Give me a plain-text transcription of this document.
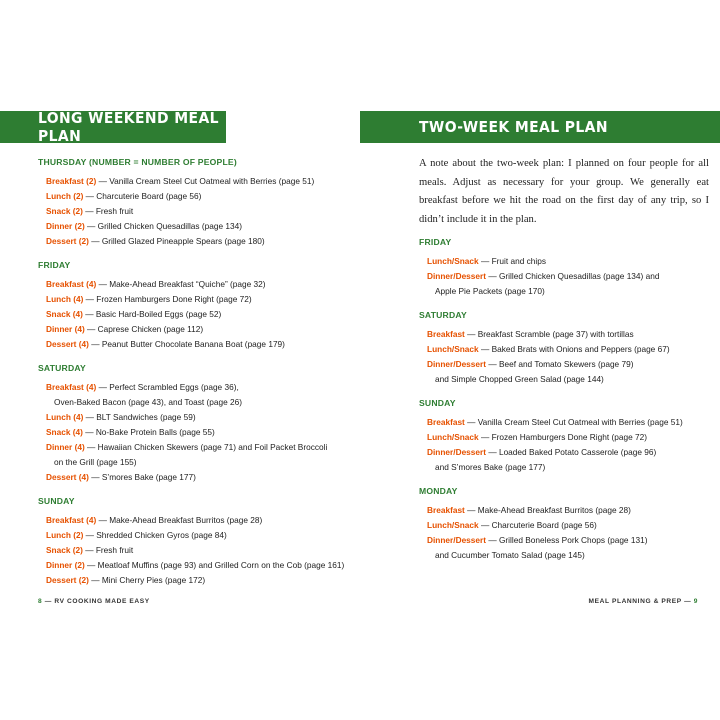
LONG WEEKEND MEAL PLAN
THURSDAY (NUMBER = NUMBER OF PEOPLE)
Breakfast (2) — Vanilla Cream Steel Cut Oatmeal with Berries (page 51)
Lunch (2) — Charcuterie Board (page 56)
Snack (2) — Fresh fruit
Dinner (2) — Grilled Chicken Quesadillas (page 134)
Dessert (2) — Grilled Glazed Pineapple Spears (page 180)
FRIDAY
Breakfast (4) — Make-Ahead Breakfast “Quiche” (page 32)
Lunch (4) — Frozen Hamburgers Done Right (page 72)
Snack (4) — Basic Hard-Boiled Eggs (page 52)
Dinner (4) — Caprese Chicken (page 112)
Dessert (4) — Peanut Butter Chocolate Banana Boat (page 179)
SATURDAY
Breakfast (4) — Perfect Scrambled Eggs (page 36),
Oven-Baked Bacon (page 43), and Toast (page 26)
Lunch (4) — BLT Sandwiches (page 59)
Snack (4) — No-Bake Protein Balls (page 55)
Dinner (4) — Hawaiian Chicken Skewers (page 71) and Foil Packet Broccoli
on the Grill (page 155)
Dessert (4) — S’mores Bake (page 177)
SUNDAY
Breakfast (4) — Make-Ahead Breakfast Burritos (page 28)
Lunch (2) — Shredded Chicken Gyros (page 84)
Snack (2) — Fresh fruit
Dinner (2) — Meatloaf Muffins (page 93) and Grilled Corn on the Cob (page 161)
Dessert (2) — Mini Cherry Pies (page 172)
8 — RV COOKING MADE EASY
TWO-WEEK MEAL PLAN

A note about the two-week plan: I planned on four people for all meals. Adjust as necessary for your group. We generally eat breakfast before we hit the road on the first day of any trip, so I didn’t include it in the plan.

FRIDAY
Lunch/Snack — Fruit and chips
Dinner/Dessert — Grilled Chicken Quesadillas (page 134) and
Apple Pie Packets (page 170)
SATURDAY
Breakfast — Breakfast Scramble (page 37) with tortillas
Lunch/Snack — Baked Brats with Onions and Peppers (page 67)
Dinner/Dessert — Beef and Tomato Skewers (page 79)
and Simple Chopped Green Salad (page 144)
SUNDAY
Breakfast — Vanilla Cream Steel Cut Oatmeal with Berries (page 51)
Lunch/Snack — Frozen Hamburgers Done Right (page 72)
Dinner/Dessert — Loaded Baked Potato Casserole (page 96)
and S’mores Bake (page 177)
MONDAY
Breakfast — Make-Ahead Breakfast Burritos (page 28)
Lunch/Snack — Charcuterie Board (page 56)
Dinner/Dessert — Grilled Boneless Pork Chops (page 131)
and Cucumber Tomato Salad (page 145)
MEAL PLANNING & PREP — 9
